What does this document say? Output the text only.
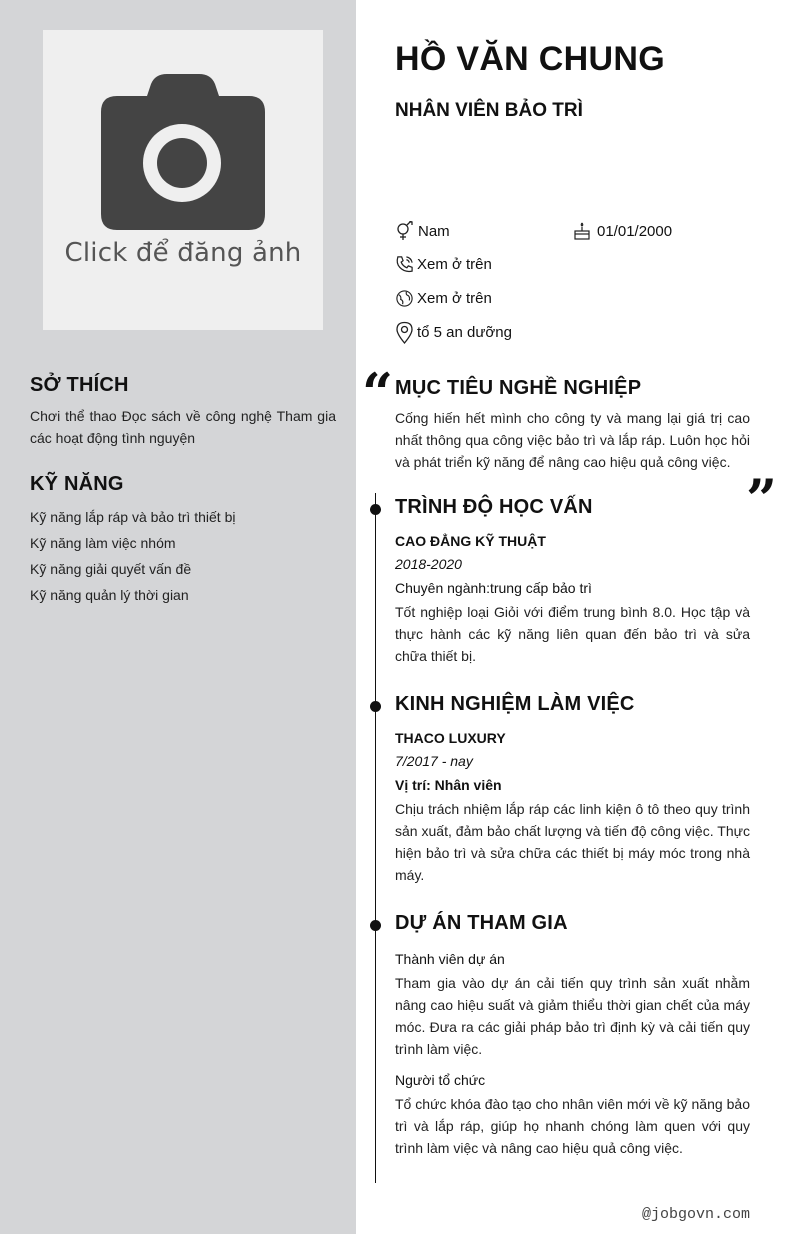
Click để đăng ảnh
SỞ THÍCH
Chơi thể thao Đọc sách về công nghệ Tham gia các hoạt động tình nguyện
KỸ NĂNG
Kỹ năng lắp ráp và bảo trì thiết bị
Kỹ năng làm việc nhóm
Kỹ năng giải quyết vấn đề
Kỹ năng quản lý thời gian
HỒ VĂN CHUNG
NHÂN VIÊN BẢO TRÌ
Nam	01/01/2000
Xem ở trên
Xem ở trên
tổ 5 an dưỡng
“
”
MỤC TIÊU NGHỀ NGHIỆP
Cống hiến hết mình cho công ty và mang lại giá trị cao nhất thông qua công việc bảo trì và lắp ráp. Luôn học hỏi và phát triển kỹ năng để nâng cao hiệu quả công việc.
TRÌNH ĐỘ HỌC VẤN
CAO ĐẲNG KỸ THUẬT
2018-2020
Chuyên ngành:trung cấp bảo trì
Tốt nghiệp loại Giỏi với điểm trung bình 8.0. Học tập và thực hành các kỹ năng liên quan đến bảo trì và sửa chữa thiết bị.
KINH NGHIỆM LÀM VIỆC
THACO LUXURY
7/2017 - nay
Vị trí: Nhân viên
Chịu trách nhiệm lắp ráp các linh kiện ô tô theo quy trình sản xuất, đảm bảo chất lượng và tiến độ công việc. Thực hiện bảo trì và sửa chữa các thiết bị máy móc trong nhà máy.
DỰ ÁN THAM GIA
Thành viên dự án
Tham gia vào dự án cải tiến quy trình sản xuất nhằm nâng cao hiệu suất và giảm thiểu thời gian chết của máy móc. Đưa ra các giải pháp bảo trì định kỳ và cải tiến quy trình làm việc.
Người tổ chức
Tổ chức khóa đào tạo cho nhân viên mới về kỹ năng bảo trì và lắp ráp, giúp họ nhanh chóng làm quen với quy trình làm việc và nâng cao hiệu quả công việc.
@jobgovn.com
